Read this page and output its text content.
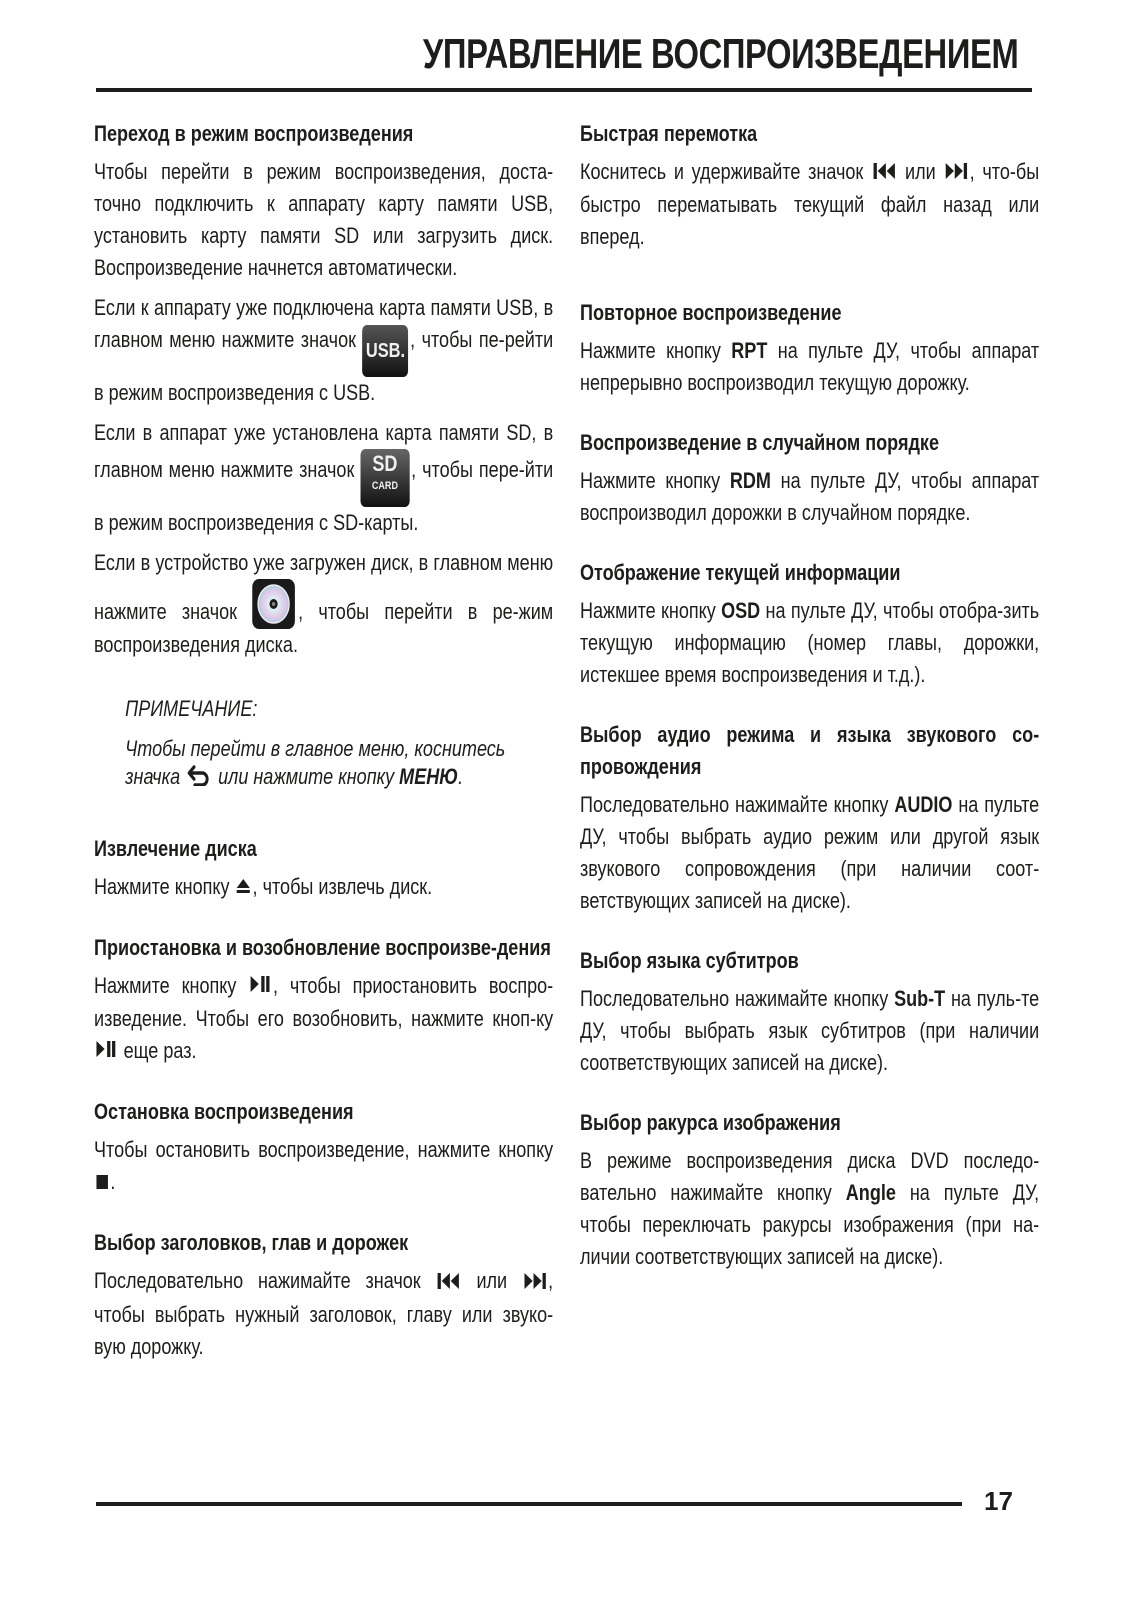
УПРАВЛЕНИЕ ВОСПРОИЗВЕДЕНИЕМ
Переход в режим воспроизведения

Чтобы перейти в режим воспроизведения, доста-точно подключить к аппарату карту памяти USB, установить карту памяти SD или загрузить диск. Воспроизведение начнется автоматически.

Если к аппарату уже подключена карта памяти USB, в главном меню нажмите значок USB. , чтобы пе-рейти в режим воспроизведения с USB.

Если в аппарат уже установлена карта памяти SD, в главном меню нажмите значок SD
CARD
, чтобы пере-йти в режим воспроизведения с SD-карты.

Если в устройство уже загружен диск, в главном меню нажмите значок	, чтобы перейти в ре-жим воспроизведения диска.

ПРИМЕЧАНИЕ:
Чтобы перейти в главное меню, коснитесь значка или нажмите кнопку МЕНЮ.
Извлечение диска

Нажмите кнопку , чтобы извлечь диск.

Приостановка и возобновление воспроизве-дения

Нажмите кнопку , чтобы приостановить воспро-изведение. Чтобы его возобновить, нажмите кноп-ку  еще раз.

Остановка воспроизведения

Чтобы остановить воспроизведение, нажмите кнопку .

Выбор заголовков, глав и дорожек

Последовательно нажимайте значок	или , чтобы выбрать нужный заголовок, главу или звуко-вую дорожку.

Быстрая перемотка

Коснитесь и удерживайте значок или , что-бы быстро перематывать текущий файл назад или вперед.

Повторное воспроизведение

Нажмите кнопку RPT на пульте ДУ, чтобы аппарат непрерывно воспроизводил текущую дорожку.

Воспроизведение в случайном порядке

Нажмите кнопку RDM на пульте ДУ, чтобы аппарат воспроизводил дорожки в случайном порядке.

Отображение текущей информации

Нажмите кнопку OSD на пульте ДУ, чтобы отобра-зить текущую информацию (номер главы, дорожки, истекшее время воспроизведения и т.д.).

Выбор аудио режима и языка звукового со-провождения

Последовательно нажимайте кнопку AUDIO на пульте ДУ, чтобы выбрать аудио режим или другой язык звукового сопровождения (при наличии соот-ветствующих записей на диске).

Выбор языка субтитров

Последовательно нажимайте кнопку Sub-T на пуль-те ДУ, чтобы выбрать язык субтитров (при наличии соответствующих записей на диске).

Выбор ракурса изображения

В режиме воспроизведения диска DVD последо-вательно нажимайте кнопку Angle на пульте ДУ, чтобы переключать ракурсы изображения (при на-личии соответствующих записей на диске).

17
